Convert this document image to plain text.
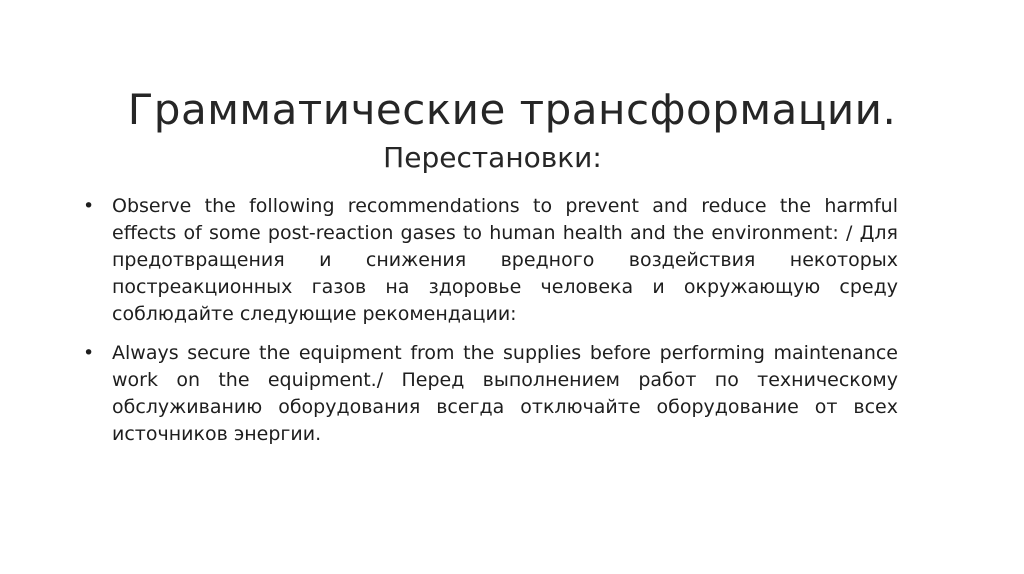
Грамматические трансформации.
Перестановки:
• Observe the following recommendations to prevent and reduce the harmful effects of some post-reaction gases to human health and the environment: / Для предотвращения и снижения вредного воздействия некоторых постреакционных газов на здоровье человека и окружающую среду соблюдайте следующие рекомендации:
• Always secure the equipment from the supplies before performing maintenance work on the equipment./ Перед выполнением работ по техническому обслуживанию оборудования всегда отключайте оборудование от всех источников энергии.
